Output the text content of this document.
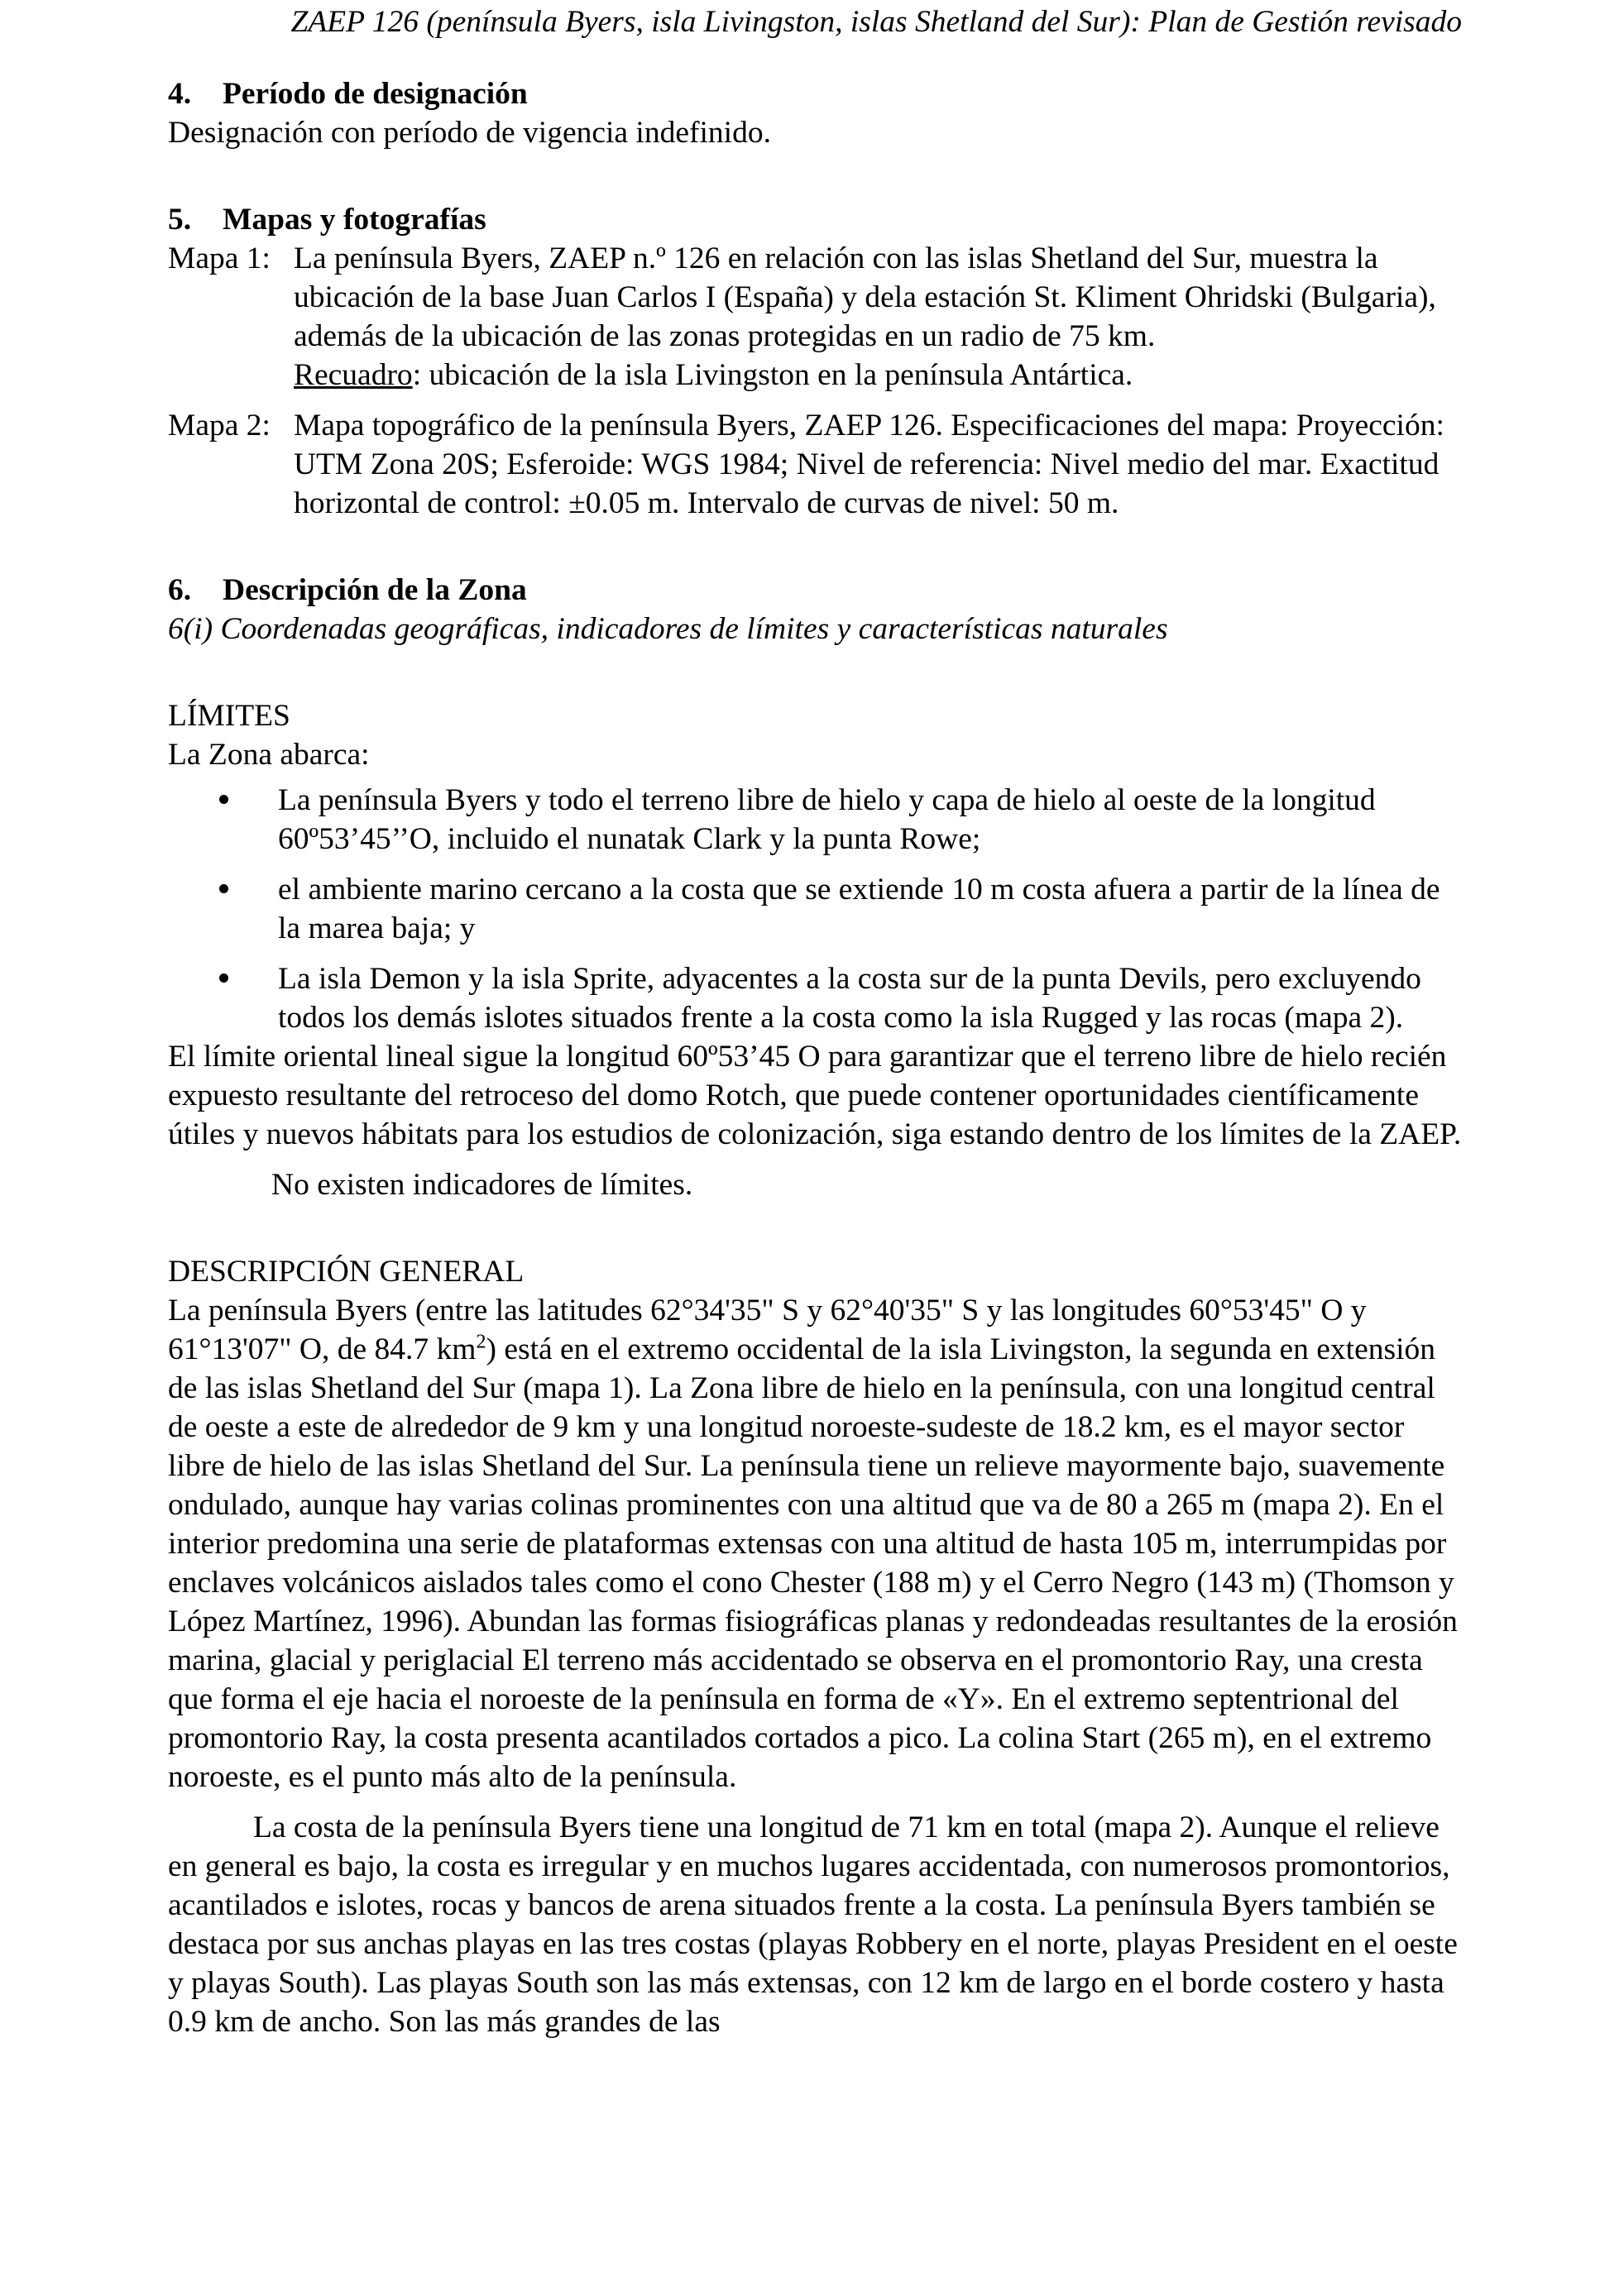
ZAEP 126 (península Byers, isla Livingston, islas Shetland del Sur): Plan de Gestión revisado
4.	Período de designación

Designación con período de vigencia indefinido.

5.	Mapas y fotografías
Mapa 1: La península Byers, ZAEP n.º 126 en relación con las islas Shetland del Sur, muestra la ubicación de la base Juan Carlos I (España) y dela estación St. Kliment Ohridski (Bulgaria), además de la ubicación de las zonas protegidas en un radio de 75 km.
Recuadro: ubicación de la isla Livingston en la península Antártica.
Mapa 2: Mapa topográfico de la península Byers, ZAEP 126. Especificaciones del mapa: Proyección: UTM Zona 20S; Esferoide: WGS 1984; Nivel de referencia: Nivel medio del mar. Exactitud horizontal de control: ±0.05 m. Intervalo de curvas de nivel: 50 m.
6.	Descripción de la Zona

6(i) Coordenadas geográficas, indicadores de límites y características naturales

LÍMITES

La Zona abarca:

La península Byers y todo el terreno libre de hielo y capa de hielo al oeste de la longitud 60º53’45’’O, incluido el nunatak Clark y la punta Rowe;
el ambiente marino cercano a la costa que se extiende 10 m costa afuera a partir de la línea de la marea baja; y
La isla Demon y la isla Sprite, adyacentes a la costa sur de la punta Devils, pero excluyendo todos los demás islotes situados frente a la costa como la isla Rugged y las rocas (mapa 2).

El límite oriental lineal sigue la longitud 60º53’45 O para garantizar que el terreno libre de hielo recién expuesto resultante del retroceso del domo Rotch, que puede contener oportunidades científicamente útiles y nuevos hábitats para los estudios de colonización, siga estando dentro de los límites de la ZAEP.

No existen indicadores de límites.

DESCRIPCIÓN GENERAL

La península Byers (entre las latitudes 62°34'35" S y 62°40'35" S y las longitudes 60°53'45" O y 61°13'07" O, de 84.7 $km^2$) está en el extremo occidental de la isla Livingston, la segunda en extensión de las islas Shetland del Sur (mapa 1). La Zona libre de hielo en la península, con una longitud central de oeste a este de alrededor de 9 km y una longitud noroeste-sudeste de 18.2 km, es el mayor sector libre de hielo de las islas Shetland del Sur. La península tiene un relieve mayormente bajo, suavemente ondulado, aunque hay varias colinas prominentes con una altitud que va de 80 a 265 m (mapa 2). En el interior predomina una serie de plataformas extensas con una altitud de hasta 105 m, interrumpidas por enclaves volcánicos aislados tales como el cono Chester (188 m) y el Cerro Negro (143 m) (Thomson y López Martínez, 1996). Abundan las formas fisiográficas planas y redondeadas resultantes de la erosión marina, glacial y periglacial El terreno más accidentado se observa en el promontorio Ray, una cresta que forma el eje hacia el noroeste de la península en forma de «Y». En el extremo septentrional del promontorio Ray, la costa presenta acantilados cortados a pico. La colina Start (265 m), en el extremo noroeste, es el punto más alto de la península.

La costa de la península Byers tiene una longitud de 71 km en total (mapa 2). Aunque el relieve en general es bajo, la costa es irregular y en muchos lugares accidentada, con numerosos promontorios, acantilados e islotes, rocas y bancos de arena situados frente a la costa. La península Byers también se destaca por sus anchas playas en las tres costas (playas Robbery en el norte, playas President en el oeste y playas South). Las playas South son las más extensas, con 12 km de largo en el borde costero y hasta 0.9 km de ancho. Son las más grandes de las
